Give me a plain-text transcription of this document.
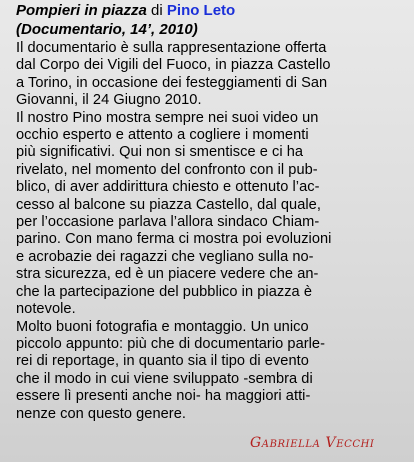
Pompieri in piazza di Pino Leto
(Documentario, 14’, 2010)
Il documentario è sulla rappresentazione offerta
dal Corpo dei Vigili del Fuoco, in piazza Castello
a Torino, in occasione dei festeggiamenti di San
Giovanni, il 24 Giugno 2010.
Il nostro Pino mostra sempre nei suoi video un
occhio esperto e attento a cogliere i momenti
più significativi. Qui non si smentisce e ci ha
rivelato, nel momento del confronto con il pub-
blico, di aver addirittura chiesto e ottenuto l’ac-
cesso al balcone su piazza Castello, dal quale,
per l’occasione parlava l’allora sindaco Chiam-
parino. Con mano ferma ci mostra poi evoluzioni
e acrobazie dei ragazzi che vegliano sulla no-
stra sicurezza, ed è un piacere vedere che an-
che la partecipazione del pubblico in piazza è
notevole.
Molto buoni fotografia e montaggio. Un unico
piccolo appunto: più che di documentario parle-
rei di reportage, in quanto sia il tipo di evento
che il modo in cui viene sviluppato -sembra di
essere lì presenti anche noi- ha maggiori atti-
nenze con questo genere.
Gabriella Vecchi
